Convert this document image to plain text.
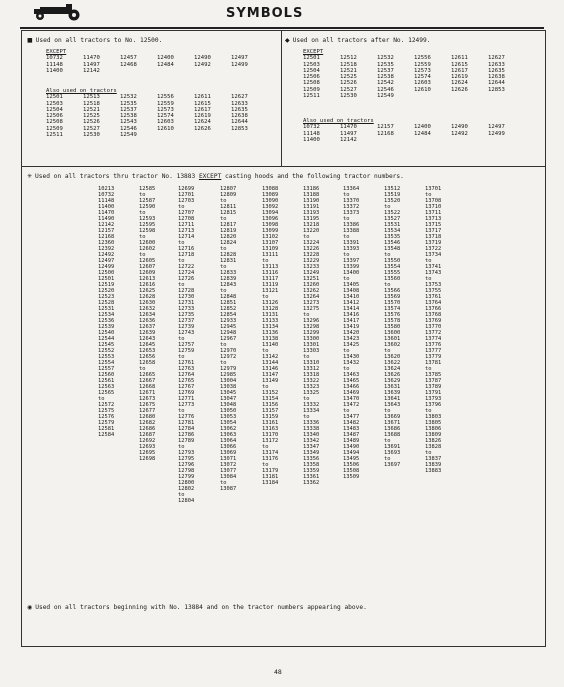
SYMBOLS
■ Used on all tractors to No. 12500.
EXCEPT
10732
11148
11400
11470
11497
12142
12457
12468
12400
12484
12490
12492
12497
12499
Also used on tractors
12501
12503
12504
12506
12508
12509
12511
12513
12518
12521
12525
12526
12527
12530
12532
12535
12537
12538
12543
12546
12549
12556
12559
12573
12574
12603
12610
12611
12615
12617
12619
12624
12626
12627
12633
12635
12638
12644
12853
◆ Used on all tractors after No. 12499.
EXCEPT
12501
12503
12504
12506
12508
12509
12511
12512
12518
12521
12525
12526
12527
12530
12532
12535
12537
12538
12542
12546
12549
12556
12559
12573
12574
12603
12610
12611
12615
12617
12619
12624
12626
12627
12633
12635
12638
12644
12853
Also used on tractors
10732
11148
11400
11470
11497
12142
12157
12168
12400
12484
12490
12492
12497
12499
✳ Used on all tractors thru tractor No. 13883 EXCEPT casting hoods and the following tractor numbers.
10213
10732
11148
11400
11470
11490
12142
12157
12168
12360
12392
12492
12497
12499
12500
12501
12519
12520
12523
12528
12531
12534
12536
12539
12540
12544
12545
12552
12553
12554
12557
12560
12561
12563
12565
to
12572
12575
12576
12579
12581
12584
12585
to
12587
12590
to
12593
12595
12598
to
12600
12602
to
12605
12607
12609
12613
12616
12625
12628
12630
12632
12634
12636
12637
12639
12643
12645
12653
12656
12658
to
12665
12667
12668
12671
12673
12675
12677
12680
12682
12686
12687
12692
12693
12695
12698
12699
12701
12703
to
12707
12708
12711
12713
12714
to
12716
12718
to
12722
12724
12726
to
12728
12730
12731
12733
12735
12737
12739
12743
to
12757
12759
to
12761
12763
12764
12765
12767
12769
12771
12773
to
12776
12781
12784
12786
12789
to
12793
12795
12796
12798
12799
12800
12802
to
12804
12807
12809
to
12811
12815
to
12817
12819
12820
12824
to
12828
12831
to
12833
12839
12843
to
12848
12851
12852
12854
12933
12945
12948
12967
to
12970
12972
to
12979
12985
13004
13038
13045
13047
13048
13050
13053
13054
13062
13063
13064
13066
13069
13071
13072
13077
13084
to
13087
13088
13089
13090
13092
13094
13096
13098
13099
13102
13107
13109
13111
to
13113
13116
13117
13119
13121
to
13126
13128
13131
13133
13134
13136
13138
13140
to
13142
13144
13146
13147
13149
to
13152
13154
13156
13157
13159
13161
13163
13170
13172
to
13174
13176
to
13179
13181
13184
13186
13188
13190
13191
13193
13195
13218
13220
to
13224
13226
13228
13229
13233
13249
13251
13260
13262
13264
13273
13275
to
13296
13298
13299
13300
13301
13303
to
13310
13312
13318
13322
13323
13325
to
13332
13334
to
13336
13338
13340
13342
13347
13349
13356
13358
13359
13361
13362
13364
to
13370
13372
13373
to
13386
13388
to
13391
13393
to
13397
13399
13400
to
13405
13408
13410
13412
13414
13416
13417
13419
13420
13423
13425
to
13430
13432
to
13463
13465
13466
13469
13470
13472
to
13477
13482
13483
13487
13489
13490
13494
13495
13506
13508
13509
13512
13519
13520
to
13522
13527
13531
13534
13535
13546
13548
to
13550
13554
13555
13560
to
13566
13569
13570
13574
13576
13578
13580
13600
13601
13602
to
13620
13622
13624
13626
13629
13631
13639
13641
13643
to
13669
13671
13686
13688
to
13691
13693
to
13697
13701
to
13708
13710
13711
13713
13715
13717
13718
13719
13722
13734
to
13741
13743
to
13753
13755
13761
13764
13766
13768
13769
13770
13772
13774
13776
13777
13779
13781
to
13785
13787
13789
13791
13793
13796
to
13803
13805
13806
13809
13826
13828
to
13837
13839
13883
◉ Used on all tractors beginning with No. 13884 and on the tractor numbers appearing above.
48
